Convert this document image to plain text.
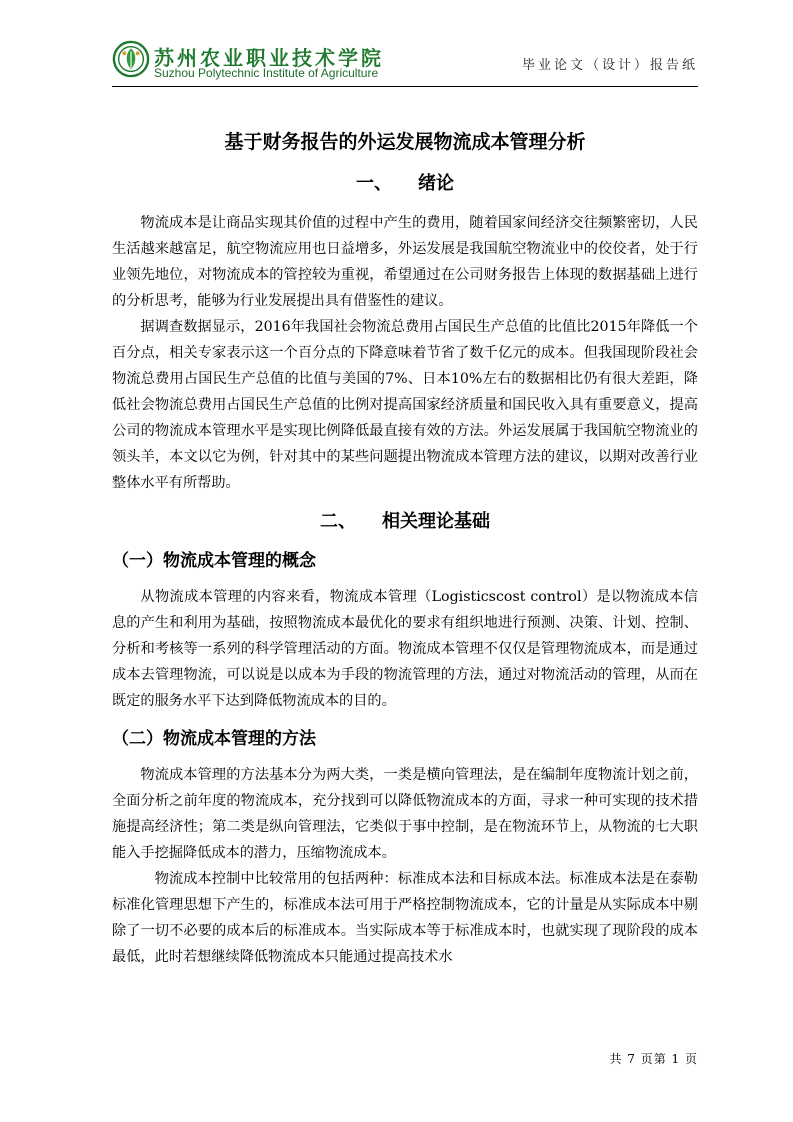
苏州农业职业技术学院
Suzhou Polytechnic Institute of Agriculture	毕业论文（设计）报告纸
基于财务报告的外运发展物流成本管理分析
一、 绪论

物流成本是让商品实现其价值的过程中产生的费用，随着国家间经济交往频繁密切，人民生活越来越富足，航空物流应用也日益增多，外运发展是我国航空物流业中的佼佼者，处于行业领先地位，对物流成本的管控较为重视，希望通过在公司财务报告上体现的数据基础上进行的分析思考，能够为行业发展提出具有借鉴性的建议。

据调查数据显示，2016年我国社会物流总费用占国民生产总值的比值比2015年降低一个百分点，相关专家表示这一个百分点的下降意味着节省了数千亿元的成本。但我国现阶段社会物流总费用占国民生产总值的比值与美国的7%、日本10%左右的数据相比仍有很大差距，降低社会物流总费用占国民生产总值的比例对提高国家经济质量和国民收入具有重要意义，提高公司的物流成本管理水平是实现比例降低最直接有效的方法。外运发展属于我国航空物流业的领头羊，本文以它为例，针对其中的某些问题提出物流成本管理方法的建议，以期对改善行业整体水平有所帮助。

二、 相关理论基础
（一）物流成本管理的概念

从物流成本管理的内容来看，物流成本管理（Logisticscost control）是以物流成本信息的产生和利用为基础，按照物流成本最优化的要求有组织地进行预测、决策、计划、控制、分析和考核等一系列的科学管理活动的方面。物流成本管理不仅仅是管理物流成本，而是通过成本去管理物流，可以说是以成本为手段的物流管理的方法，通过对物流活动的管理，从而在既定的服务水平下达到降低物流成本的目的。

（二）物流成本管理的方法

物流成本管理的方法基本分为两大类，一类是横向管理法，是在编制年度物流计划之前，全面分析之前年度的物流成本，充分找到可以降低物流成本的方面，寻求一种可实现的技术措施提高经济性；第二类是纵向管理法，它类似于事中控制，是在物流环节上，从物流的七大职能入手挖掘降低成本的潜力，压缩物流成本。

物流成本控制中比较常用的包括两种：标准成本法和目标成本法。标准成本法是在泰勒标准化管理思想下产生的，标准成本法可用于严格控制物流成本，它的计量是从实际成本中剔除了一切不必要的成本后的标准成本。当实际成本等于标准成本时，也就实现了现阶段的成本最低，此时若想继续降低物流成本只能通过提高技术水

共 7 页第 1 页
